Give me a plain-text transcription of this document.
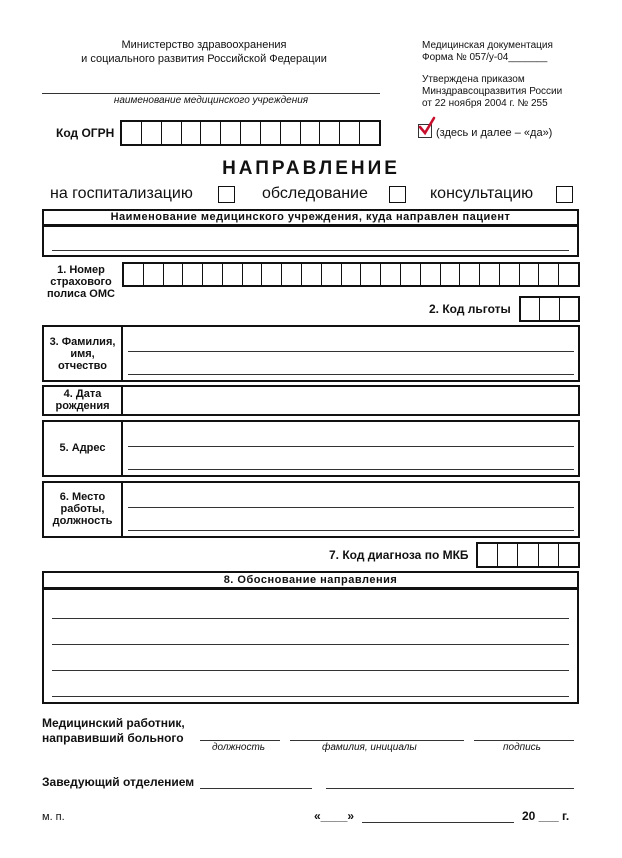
Министерство здравоохранения
и социального развития Российской Федерации
Медицинская документация
Форма № 057/у-04_______
Утверждена приказом
Минздравсоцразвития России
от 22 ноября 2004 г. № 255
наименование медицинского учреждения
Код ОГРН	(здесь и далее – «да»)
НАПРАВЛЕНИЕ
на госпитализацию	обследование	консультацию
Наименование медицинского учреждения, куда направлен пациент
1. Номер
страхового
полиса ОМС
2. Код льготы
3. Фамилия,
имя,
отчество
4. Дата
рождения
5. Адрес
6. Место
работы,
должность
7. Код диагноза по МКБ
8. Обоснование направления
Медицинский работник,
направивший больного
должность	фамилия, инициалы	подпись
Заведующий отделением
м. п.	«____»	20 ___ г.
